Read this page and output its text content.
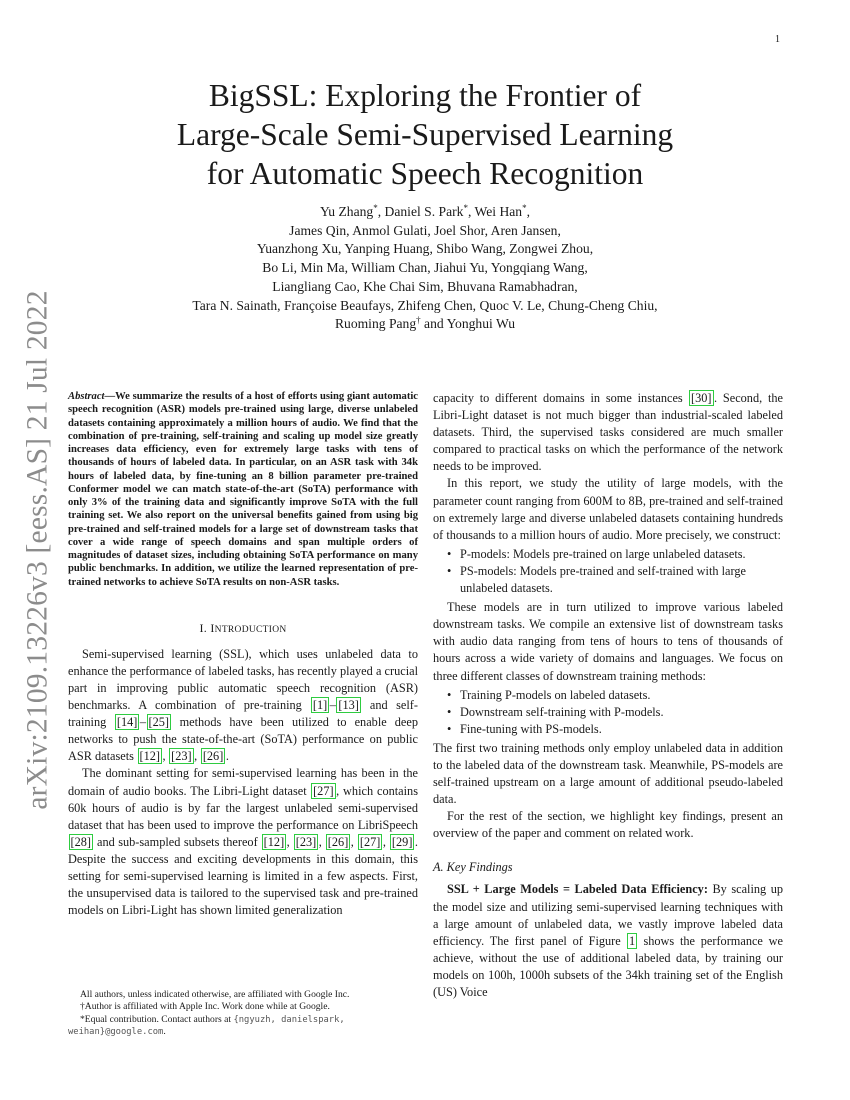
1
arXiv:2109.13226v3 [eess.AS] 21 Jul 2022
BigSSL: Exploring the Frontier of
Large-Scale Semi-Supervised Learning
for Automatic Speech Recognition
Yu Zhang*, Daniel S. Park*, Wei Han*,
James Qin, Anmol Gulati, Joel Shor, Aren Jansen,
Yuanzhong Xu, Yanping Huang, Shibo Wang, Zongwei Zhou,
Bo Li, Min Ma, William Chan, Jiahui Yu, Yongqiang Wang,
Liangliang Cao, Khe Chai Sim, Bhuvana Ramabhadran,
Tara N. Sainath, Françoise Beaufays, Zhifeng Chen, Quoc V. Le, Chung-Cheng Chiu,
Ruoming Pang† and Yonghui Wu

Abstract—We summarize the results of a host of efforts using giant automatic speech recognition (ASR) models pre-trained using large, diverse unlabeled datasets containing approximately a million hours of audio. We find that the combination of pre-training, self-training and scaling up model size greatly increases data efficiency, even for extremely large tasks with tens of thousands of hours of labeled data. In particular, on an ASR task with 34k hours of labeled data, by fine-tuning an 8 billion parameter pre-trained Conformer model we can match state-of-the-art (SoTA) performance with only 3% of the training data and significantly improve SoTA with the full training set. We also report on the universal benefits gained from using big pre-trained and self-trained models for a large set of downstream tasks that cover a wide range of speech domains and span multiple orders of magnitudes of dataset sizes, including obtaining SoTA performance on many public benchmarks. In addition, we utilize the learned representation of pre-trained networks to achieve SoTA results on non-ASR tasks.

I. INTRODUCTION

Semi-supervised learning (SSL), which uses unlabeled data to enhance the performance of labeled tasks, has recently played a crucial part in improving public automatic speech recognition (ASR) benchmarks. A combination of pre-training [1] – [13] and self-training [14] – [25] methods have been utilized to enable deep networks to push the state-of-the-art (SoTA) performance on public ASR datasets [12] , [23] , [26] .

The dominant setting for semi-supervised learning has been in the domain of audio books. The Libri-Light dataset [27] , which contains 60k hours of audio is by far the largest unlabeled semi-supervised dataset that has been used to improve the performance on LibriSpeech [28] and sub-sampled subsets thereof [12] , [23] , [26] , [27] , [29] . Despite the success and exciting developments in this domain, this setting for semi-supervised learning is limited in a few aspects. First, the unsupervised data is tailored to the supervised task and pre-trained models on Libri-Light has shown limited generalization

All authors, unless indicated otherwise, are affiliated with Google Inc.
†Author is affiliated with Apple Inc. Work done while at Google.
*Equal contribution. Contact authors at {ngyuzh, danielspark,
weihan}@google.com.

capacity to different domains in some instances [30] . Second, the Libri-Light dataset is not much bigger than industrial-scaled labeled datasets. Third, the supervised tasks considered are much smaller compared to practical tasks on which the performance of the network needs to be improved.

In this report, we study the utility of large models, with the parameter count ranging from 600M to 8B, pre-trained and self-trained on extremely large and diverse unlabeled datasets containing hundreds of thousands to a million hours of audio. More precisely, we construct:

• P-models: Models pre-trained on large unlabeled datasets.
• PS-models: Models pre-trained and self-trained with large unlabeled datasets.

These models are in turn utilized to improve various labeled downstream tasks. We compile an extensive list of downstream tasks with audio data ranging from tens of hours to tens of thousands of hours across a wide variety of domains and languages. We focus on three different classes of downstream training methods:

• Training P-models on labeled datasets.
• Downstream self-training with P-models.
• Fine-tuning with PS-models.

The first two training methods only employ unlabeled data in addition to the labeled data of the downstream task. Meanwhile, PS-models are self-trained upstream on a large amount of additional pseudo-labeled data.

For the rest of the section, we highlight key findings, present an overview of the paper and comment on related work.

A. Key Findings

SSL + Large Models = Labeled Data Efficiency: By scaling up the model size and utilizing semi-supervised learning techniques with a large amount of unlabeled data, we vastly improve labeled data efficiency. The first panel of Figure 1 shows the performance we achieve, without the use of additional labeled data, by training our models on 100h, 1000h subsets of the 34kh training set of the English (US) Voice
